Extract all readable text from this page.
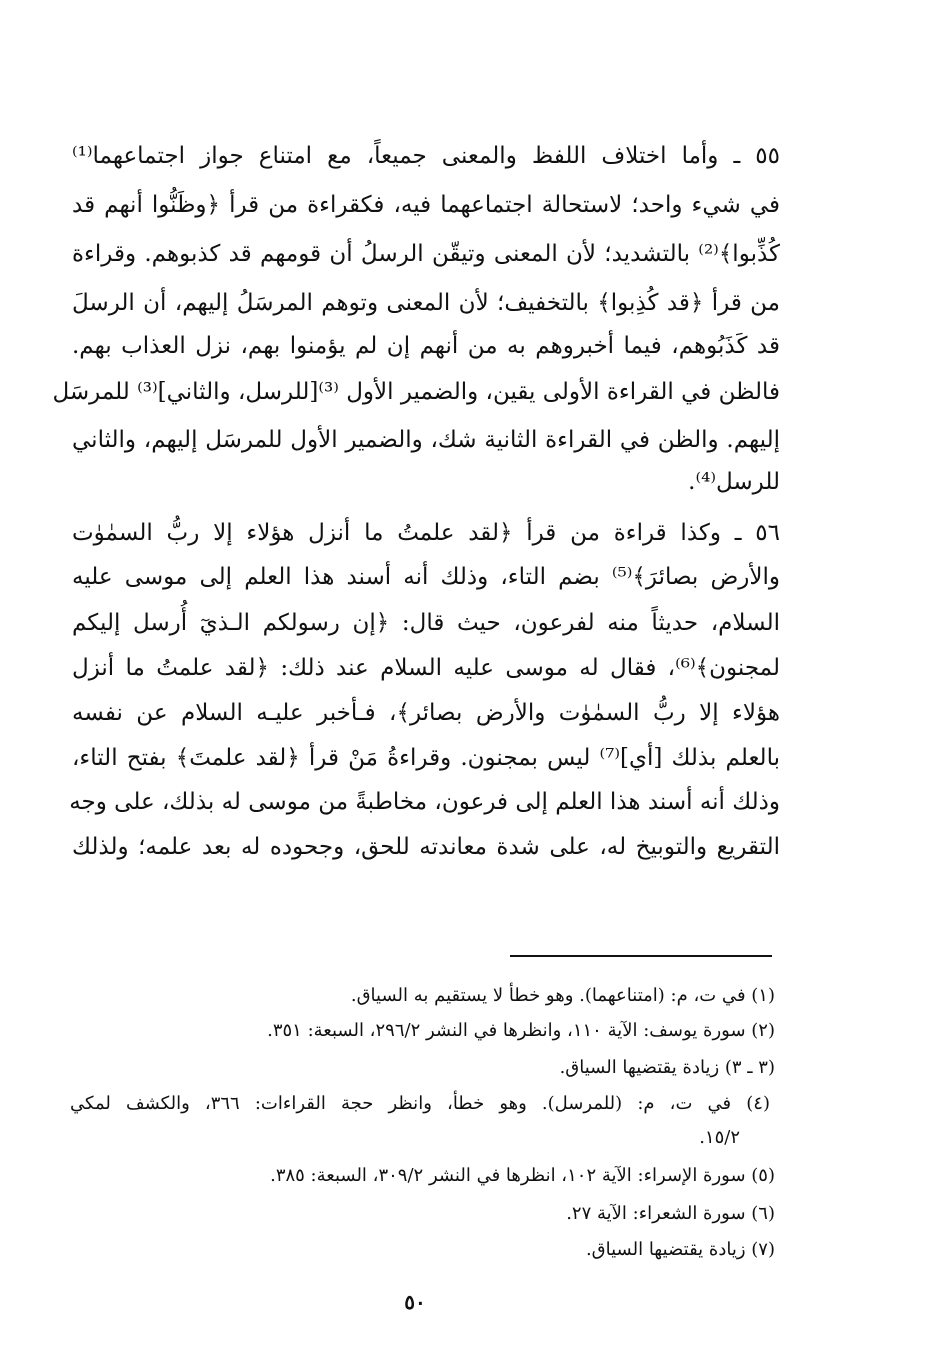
٥٥ ـ وأما اختلاف اللفظ والمعنى جميعاً، مع امتناع جواز اجتماعهما⁽¹⁾
في شيء واحد؛ لاستحالة اجتماعهما فيه، فكقراءة من قرأ ﴿وظَنُّوا أنهم قد
كُذِّبوا﴾⁽²⁾ بالتشديد؛ لأن المعنى وتيقّن الرسلُ أن قومهم قد كذبوهم. وقراءة
من قرأ ﴿قد كُذِبوا﴾ بالتخفيف؛ لأن المعنى وتوهم المرسَلُ إليهم، أن الرسلَ
قد كَذَبُوهم، فيما أخبروهم به من أنهم إن لم يؤمنوا بهم، نزل العذاب بهم.
فالظن في القراءة الأولى يقين، والضمير الأول ⁽³⁾[للرسل، والثاني]⁽³⁾ للمرسَل
إليهم. والظن في القراءة الثانية شك، والضمير الأول للمرسَل إليهم، والثاني
للرسل⁽⁴⁾.
٥٦ ـ وكذا قراءة من قرأ ﴿لقد علمتُ ما أنزل هؤلاء إلا ربُّ السمٰوٰت
والأرض بصائرَ﴾⁽⁵⁾ بضم التاء، وذلك أنه أسند هذا العلم إلى موسى عليه
السلام، حديثاً منه لفرعون، حيث قال: ﴿إن رسولكم الـذيٓ أُرسل إليكم
لمجنون﴾⁽⁶⁾، فقال له موسى عليه السلام عند ذلك: ﴿لقد علمتُ ما أنزل
هؤلاء إلا ربُّ السمٰوٰت والأرض بصائر﴾، فـأخبر عليـه السلام عن نفسه
بالعلم بذلك [أي]⁽⁷⁾ ليس بمجنون. وقراءةُ مَنْ قرأ ﴿لقد علمتَ﴾ بفتح التاء،
وذلك أنه أسند هذا العلم إلى فرعون، مخاطبةً من موسى له بذلك، على وجه
التقريع والتوبيخ له، على شدة معاندته للحق، وجحوده له بعد علمه؛ ولذلك
(١) في ت، م: (امتناعهما). وهو خطأ لا يستقيم به السياق.
(٢) سورة يوسف: الآية ١١٠، وانظرها في النشر ٢٩٦/٢، السبعة: ٣٥١.
(٣ ـ ٣) زيادة يقتضيها السياق.
(٤) في ت، م: (للمرسل). وهو خطأ، وانظر حجة القراءات: ٣٦٦، والكشف لمكي
١٥/٢.
(٥) سورة الإسراء: الآية ١٠٢، انظرها في النشر ٣٠٩/٢، السبعة: ٣٨٥.
(٦) سورة الشعراء: الآية ٢٧.
(٧) زيادة يقتضيها السياق.
٥٠
